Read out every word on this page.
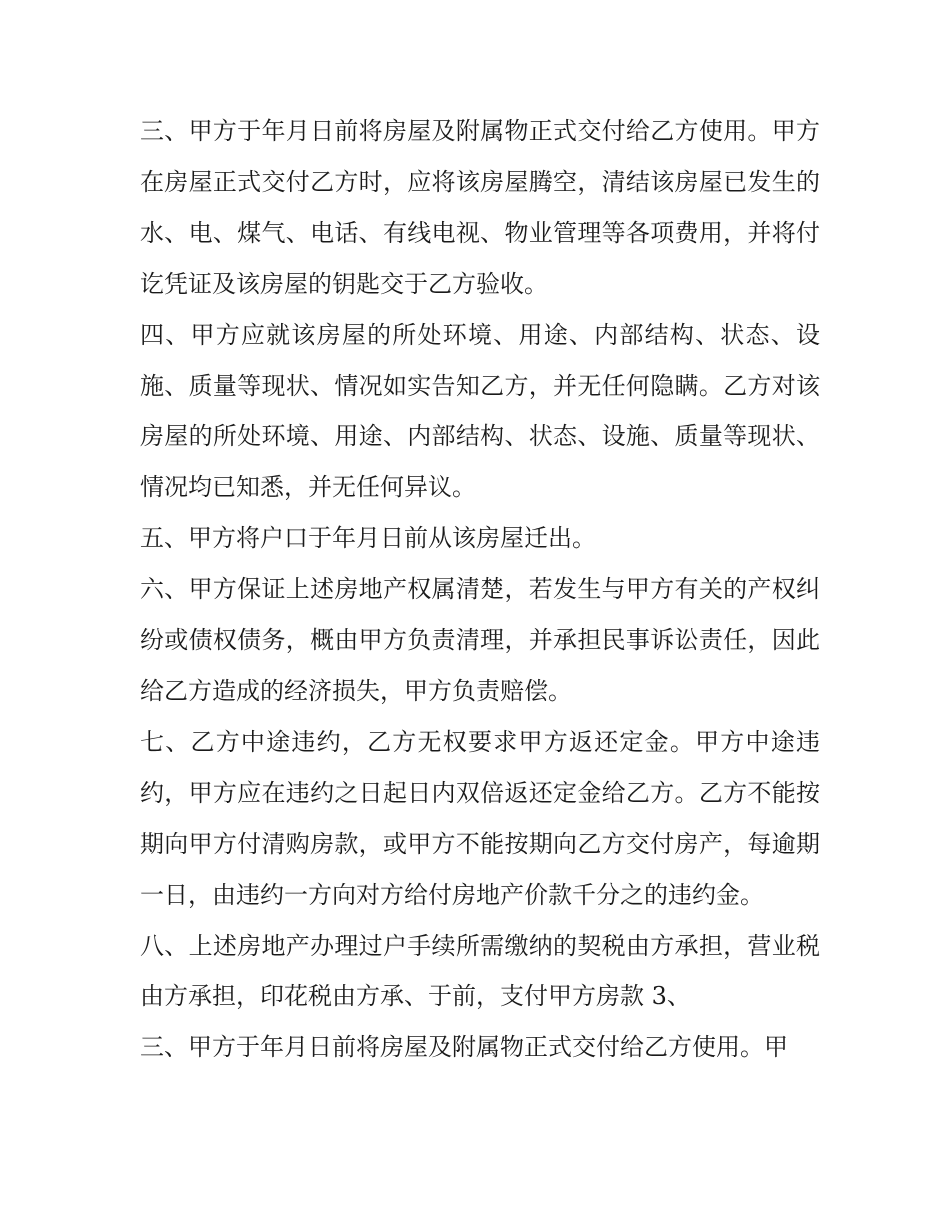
三、甲方于年月日前将房屋及附属物正式交付给乙方使用。甲方在房屋正式交付乙方时，应将该房屋腾空，清结该房屋已发生的水、电、煤气、电话、有线电视、物业管理等各项费用，并将付讫凭证及该房屋的钥匙交于乙方验收。

四、甲方应就该房屋的所处环境、用途、内部结构、状态、设施、质量等现状、情况如实告知乙方，并无任何隐瞒。乙方对该房屋的所处环境、用途、内部结构、状态、设施、质量等现状、情况均已知悉，并无任何异议。

五、甲方将户口于年月日前从该房屋迁出。

六、甲方保证上述房地产权属清楚，若发生与甲方有关的产权纠纷或债权债务，概由甲方负责清理，并承担民事诉讼责任，因此给乙方造成的经济损失，甲方负责赔偿。

七、乙方中途违约，乙方无权要求甲方返还定金。甲方中途违约，甲方应在违约之日起日内双倍返还定金给乙方。乙方不能按期向甲方付清购房款，或甲方不能按期向乙方交付房产，每逾期一日，由违约一方向对方给付房地产价款千分之的违约金。

八、上述房地产办理过户手续所需缴纳的契税由方承担，营业税由方承担，印花税由方承、于前，支付甲方房款 3、

三、甲方于年月日前将房屋及附属物正式交付给乙方使用。甲
